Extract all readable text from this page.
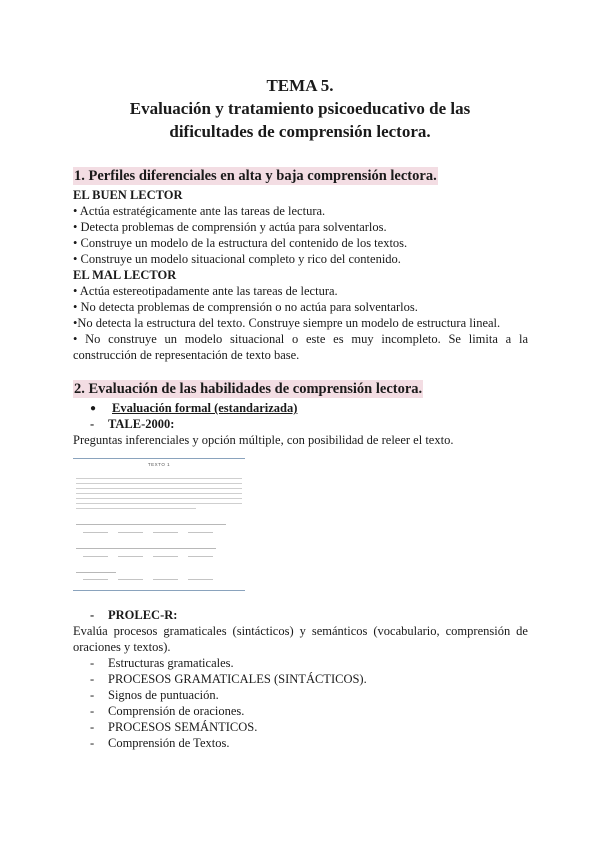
TEMA 5.
Evaluación y tratamiento psicoeducativo de las
dificultades de comprensión lectora.
1. Perfiles diferenciales en alta y baja comprensión lectora.
EL BUEN LECTOR
• Actúa estratégicamente ante las tareas de lectura.
• Detecta problemas de comprensión y actúa para solventarlos.
• Construye un modelo de la estructura del contenido de los textos.
• Construye un modelo situacional completo y rico del contenido.
EL MAL LECTOR
• Actúa estereotipadamente ante las tareas de lectura.
• No detecta problemas de comprensión o no actúa para solventarlos.
•No detecta la estructura del texto. Construye siempre un modelo de estructura lineal.
• No construye un modelo situacional o este es muy incompleto. Se limita a la construcción de representación de texto base.
2. Evaluación de las habilidades de comprensión lectora.
● Evaluación formal (estandarizada)
- TALE-2000:
Preguntas inferenciales y opción múltiple, con posibilidad de releer el texto.
TEXTO 1
- PROLEC-R:
Evalúa procesos gramaticales (sintácticos) y semánticos (vocabulario, comprensión de oraciones y textos).
- Estructuras gramaticales.
- PROCESOS GRAMATICALES (SINTÁCTICOS).
- Signos de puntuación.
- Comprensión de oraciones.
- PROCESOS SEMÁNTICOS.
- Comprensión de Textos.
